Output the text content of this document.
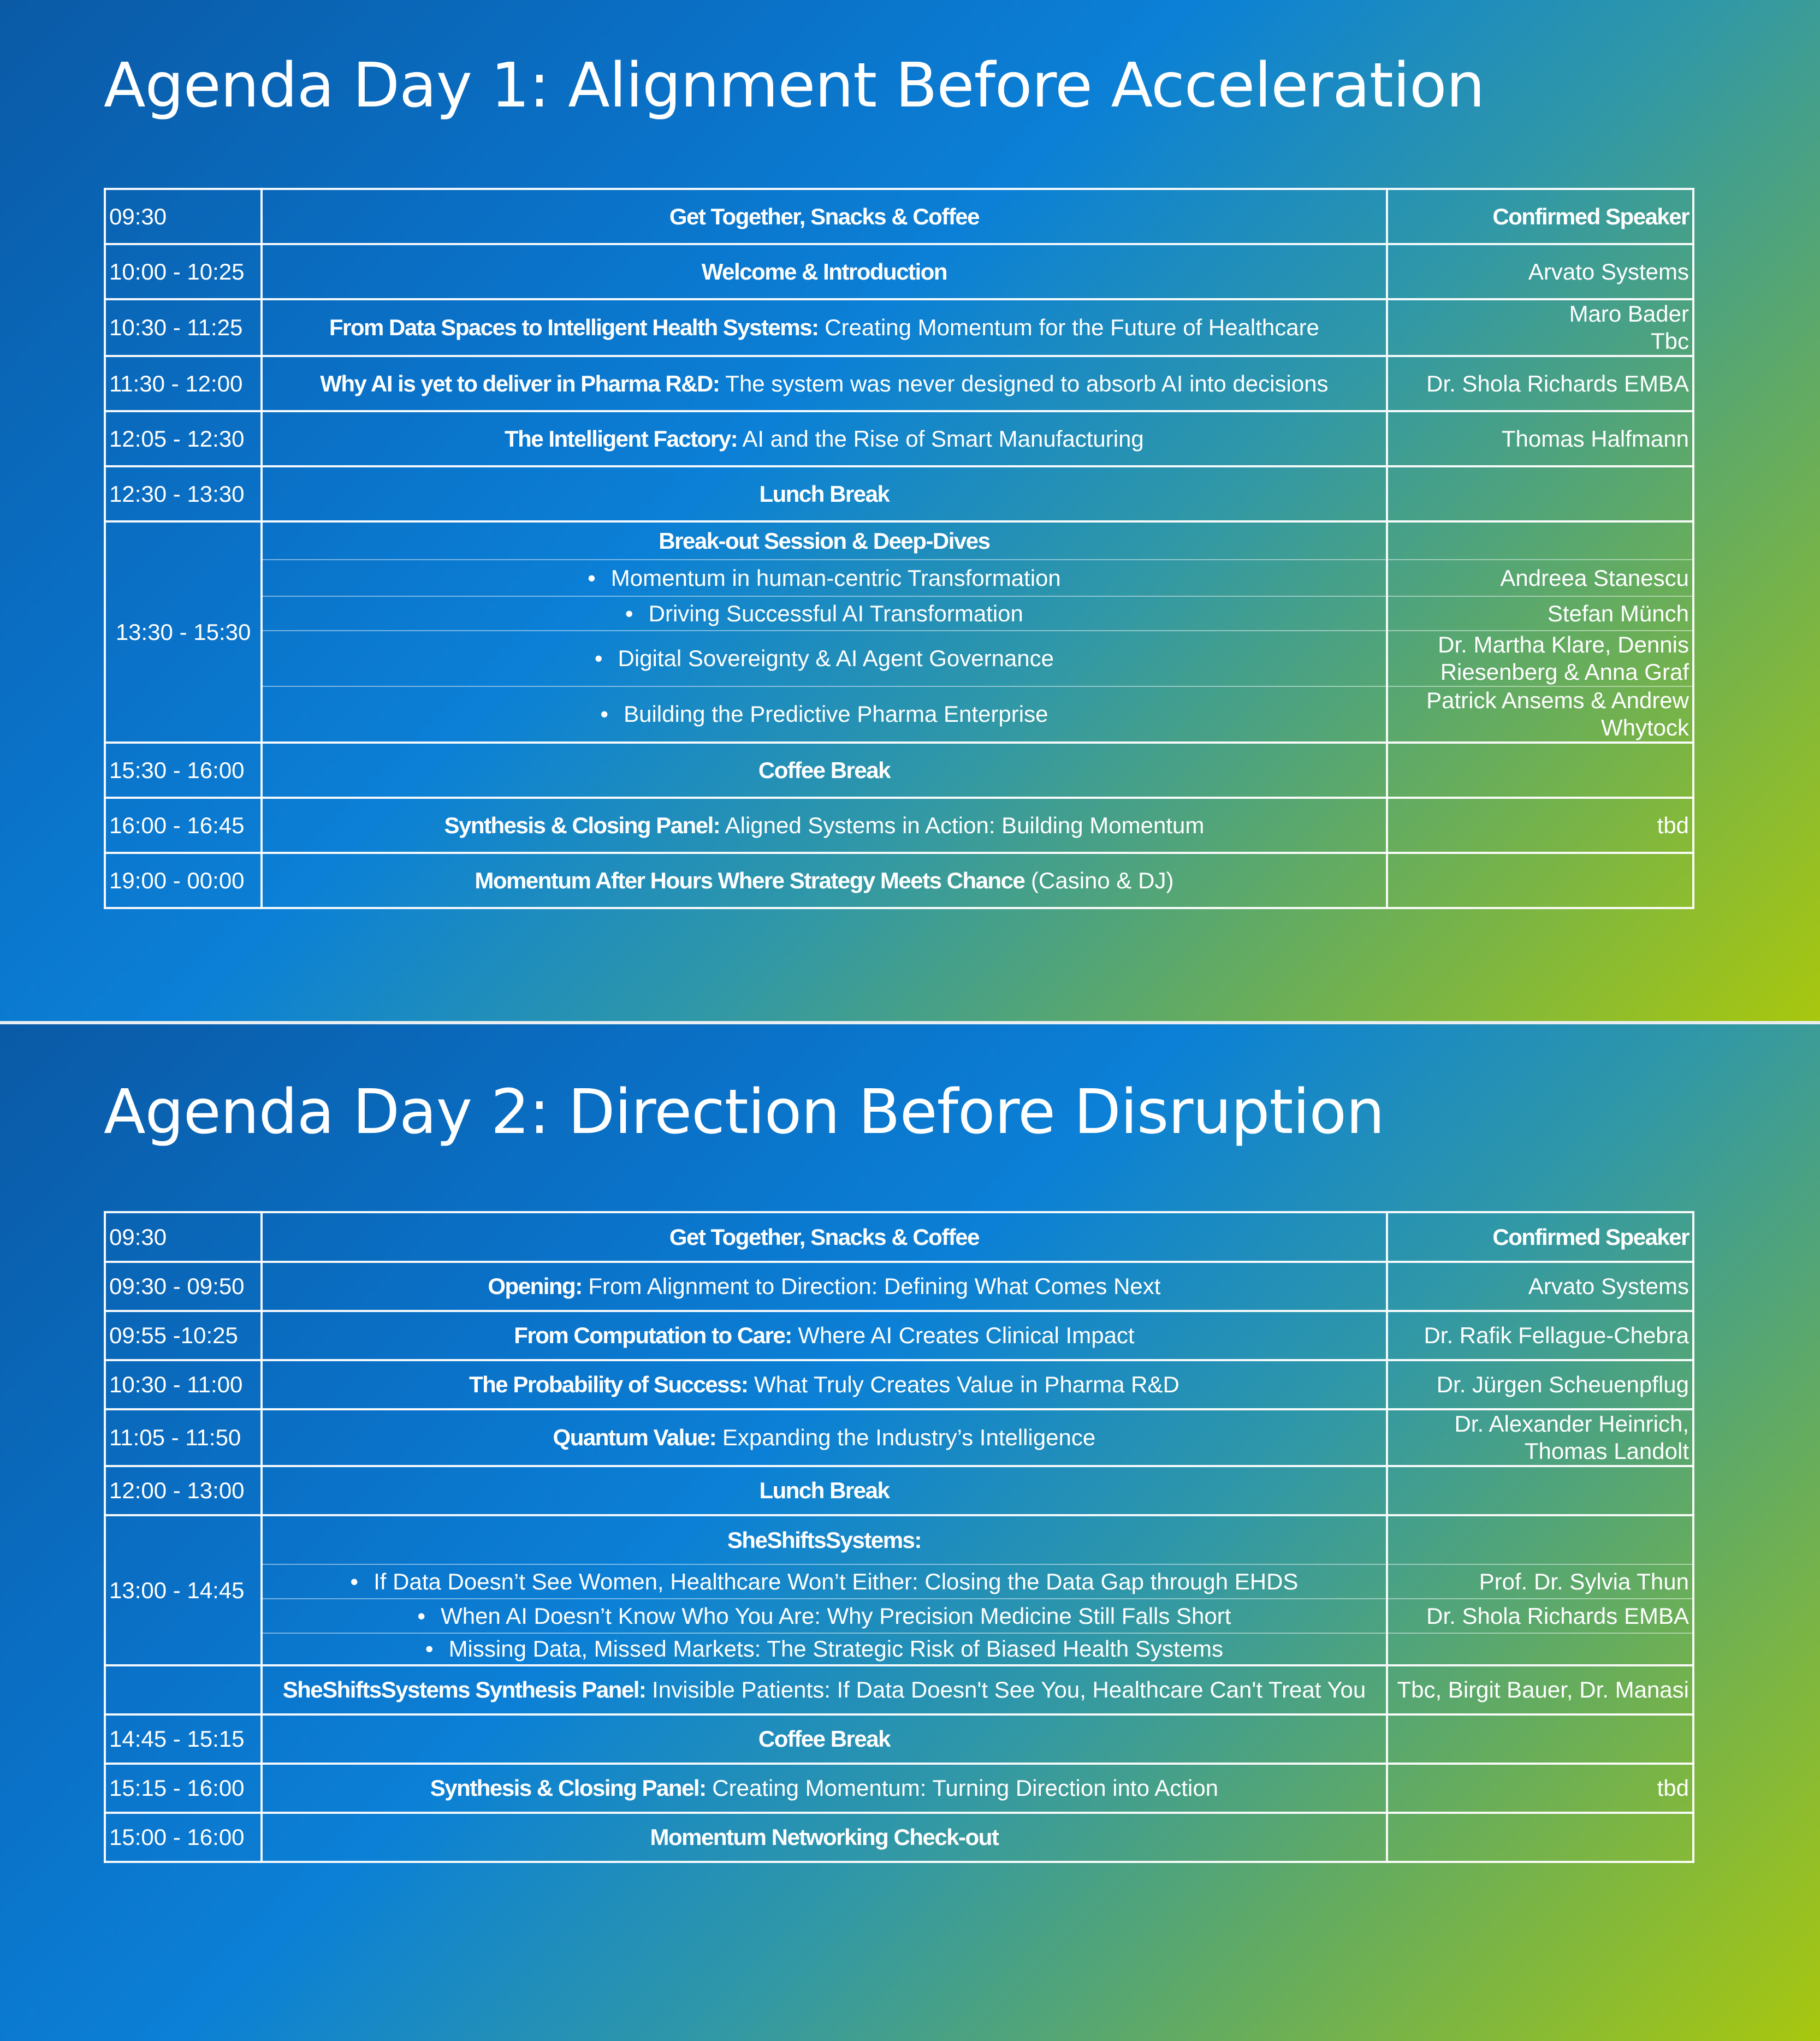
Agenda Day 1: Alignment Before Acceleration
09:30	Get Together, Snacks & Coffee	Confirmed Speaker
10:00 - 10:25	Welcome & Introduction	Arvato Systems
10:30 - 11:25	From Data Spaces to Intelligent Health Systems: Creating Momentum for the Future of Healthcare	Maro Bader
Tbc

11:30 - 12:00	Why AI is yet to deliver in Pharma R&D: The system was never designed to absorb AI into decisions	Dr. Shola Richards EMBA
12:05 - 12:30	The Intelligent Factory: AI and the Rise of Smart Manufacturing	Thomas Halfmann
12:30 - 13:30	Lunch Break	
13:30 - 15:30	Break-out Session & Deep-Dives	
	• Momentum in human-centric Transformation	Andreea Stanescu
	• Driving Successful AI Transformation	Stefan Münch
	• Digital Sovereignty & AI Agent Governance	Dr. Martha Klare, Dennis
Riesenberg & Anna Graf

	• Building the Predictive Pharma Enterprise	Patrick Ansems & Andrew
Whytock

15:30 - 16:00	Coffee Break	
16:00 - 16:45	Synthesis & Closing Panel: Aligned Systems in Action: Building Momentum	tbd
19:00 - 00:00	Momentum After Hours Where Strategy Meets Chance (Casino & DJ)	
Agenda Day 2: Direction Before Disruption
09:30	Get Together, Snacks & Coffee	Confirmed Speaker
09:30 - 09:50	Opening: From Alignment to Direction: Defining What Comes Next	Arvato Systems
09:55 -10:25	From Computation to Care: Where AI Creates Clinical Impact	Dr. Rafik Fellague-Chebra
10:30 - 11:00	The Probability of Success: What Truly Creates Value in Pharma R&D	Dr. Jürgen Scheuenpflug
11:05 - 11:50	Quantum Value: Expanding the Industry’s Intelligence	Dr. Alexander Heinrich,
Thomas Landolt

12:00 - 13:00	Lunch Break	
13:00 - 14:45	SheShiftsSystems:	
	• If Data Doesn’t See Women, Healthcare Won’t Either: Closing the Data Gap through EHDS	Prof. Dr. Sylvia Thun
	• When AI Doesn’t Know Who You Are: Why Precision Medicine Still Falls Short	Dr. Shola Richards EMBA
	• Missing Data, Missed Markets: The Strategic Risk of Biased Health Systems	
	SheShiftsSystems Synthesis Panel: Invisible Patients: If Data Doesn't See You, Healthcare Can't Treat You	Tbc, Birgit Bauer, Dr. Manasi
14:45 - 15:15	Coffee Break	
15:15 - 16:00	Synthesis & Closing Panel: Creating Momentum: Turning Direction into Action	tbd
15:00 - 16:00	Momentum Networking Check-out	
